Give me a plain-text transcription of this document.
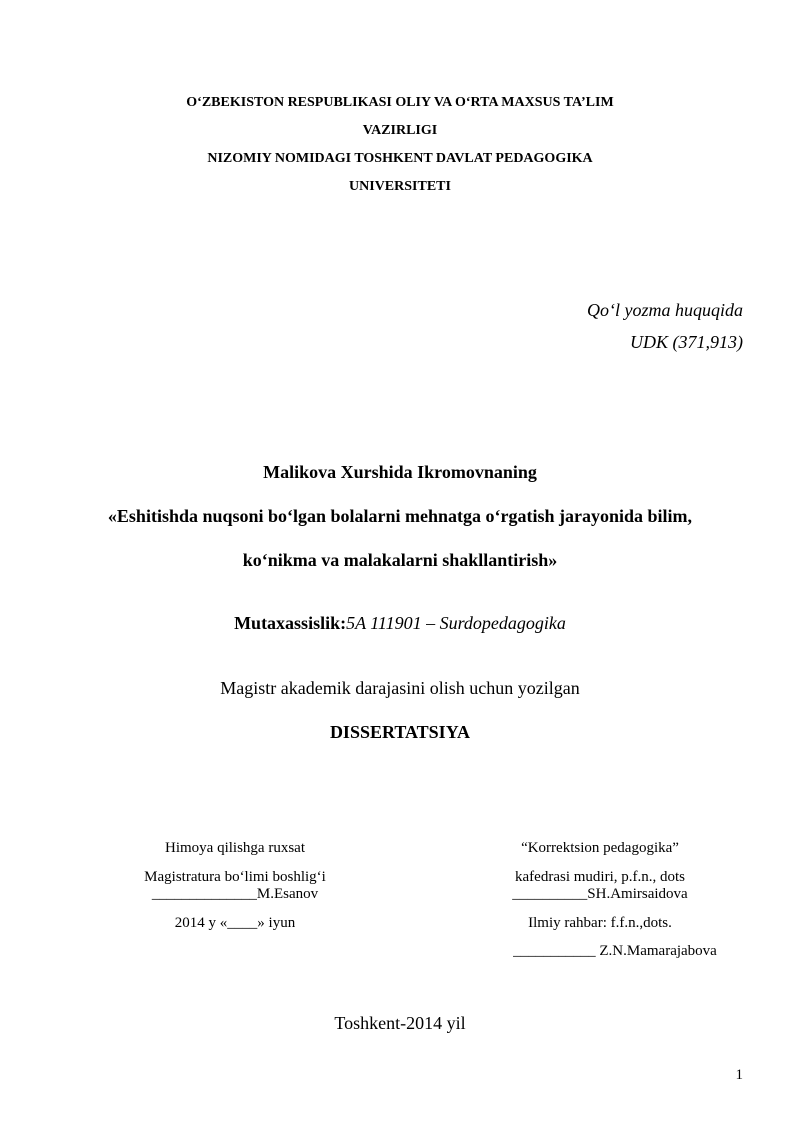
O‘ZBEKISTON RESPUBLIKASI OLIY VA O‘RTA MAXSUS TA’LIM
VAZIRLIGI
NIZOMIY NOMIDAGI TOSHKENT DAVLAT PEDAGOGIKA
UNIVERSITETI
Qo‘l yozma huquqida
UDK (371,913)
Malikova Xurshida Ikromovnaning
«Eshitishda nuqsoni bo‘lgan bolalarni mehnatga o‘rgatish jarayonida bilim,
ko‘nikma va malakalarni shakllantirish»
Mutaxassislik:5A 111901 – Surdopedagogika
Magistr akademik darajasini olish uchun yozilgan
DISSERTATSIYA
Himoya qilishga ruxsat
Magistratura bo‘limi boshlig‘i
______________M.Esanov
2014 y «____» iyun
“Korrektsion pedagogika”
kafedrasi mudiri, p.f.n., dots
__________SH.Amirsaidova
Ilmiy rahbar: f.f.n.,dots.
___________ Z.N.Mamarajabova
Toshkent-2014 yil
1
